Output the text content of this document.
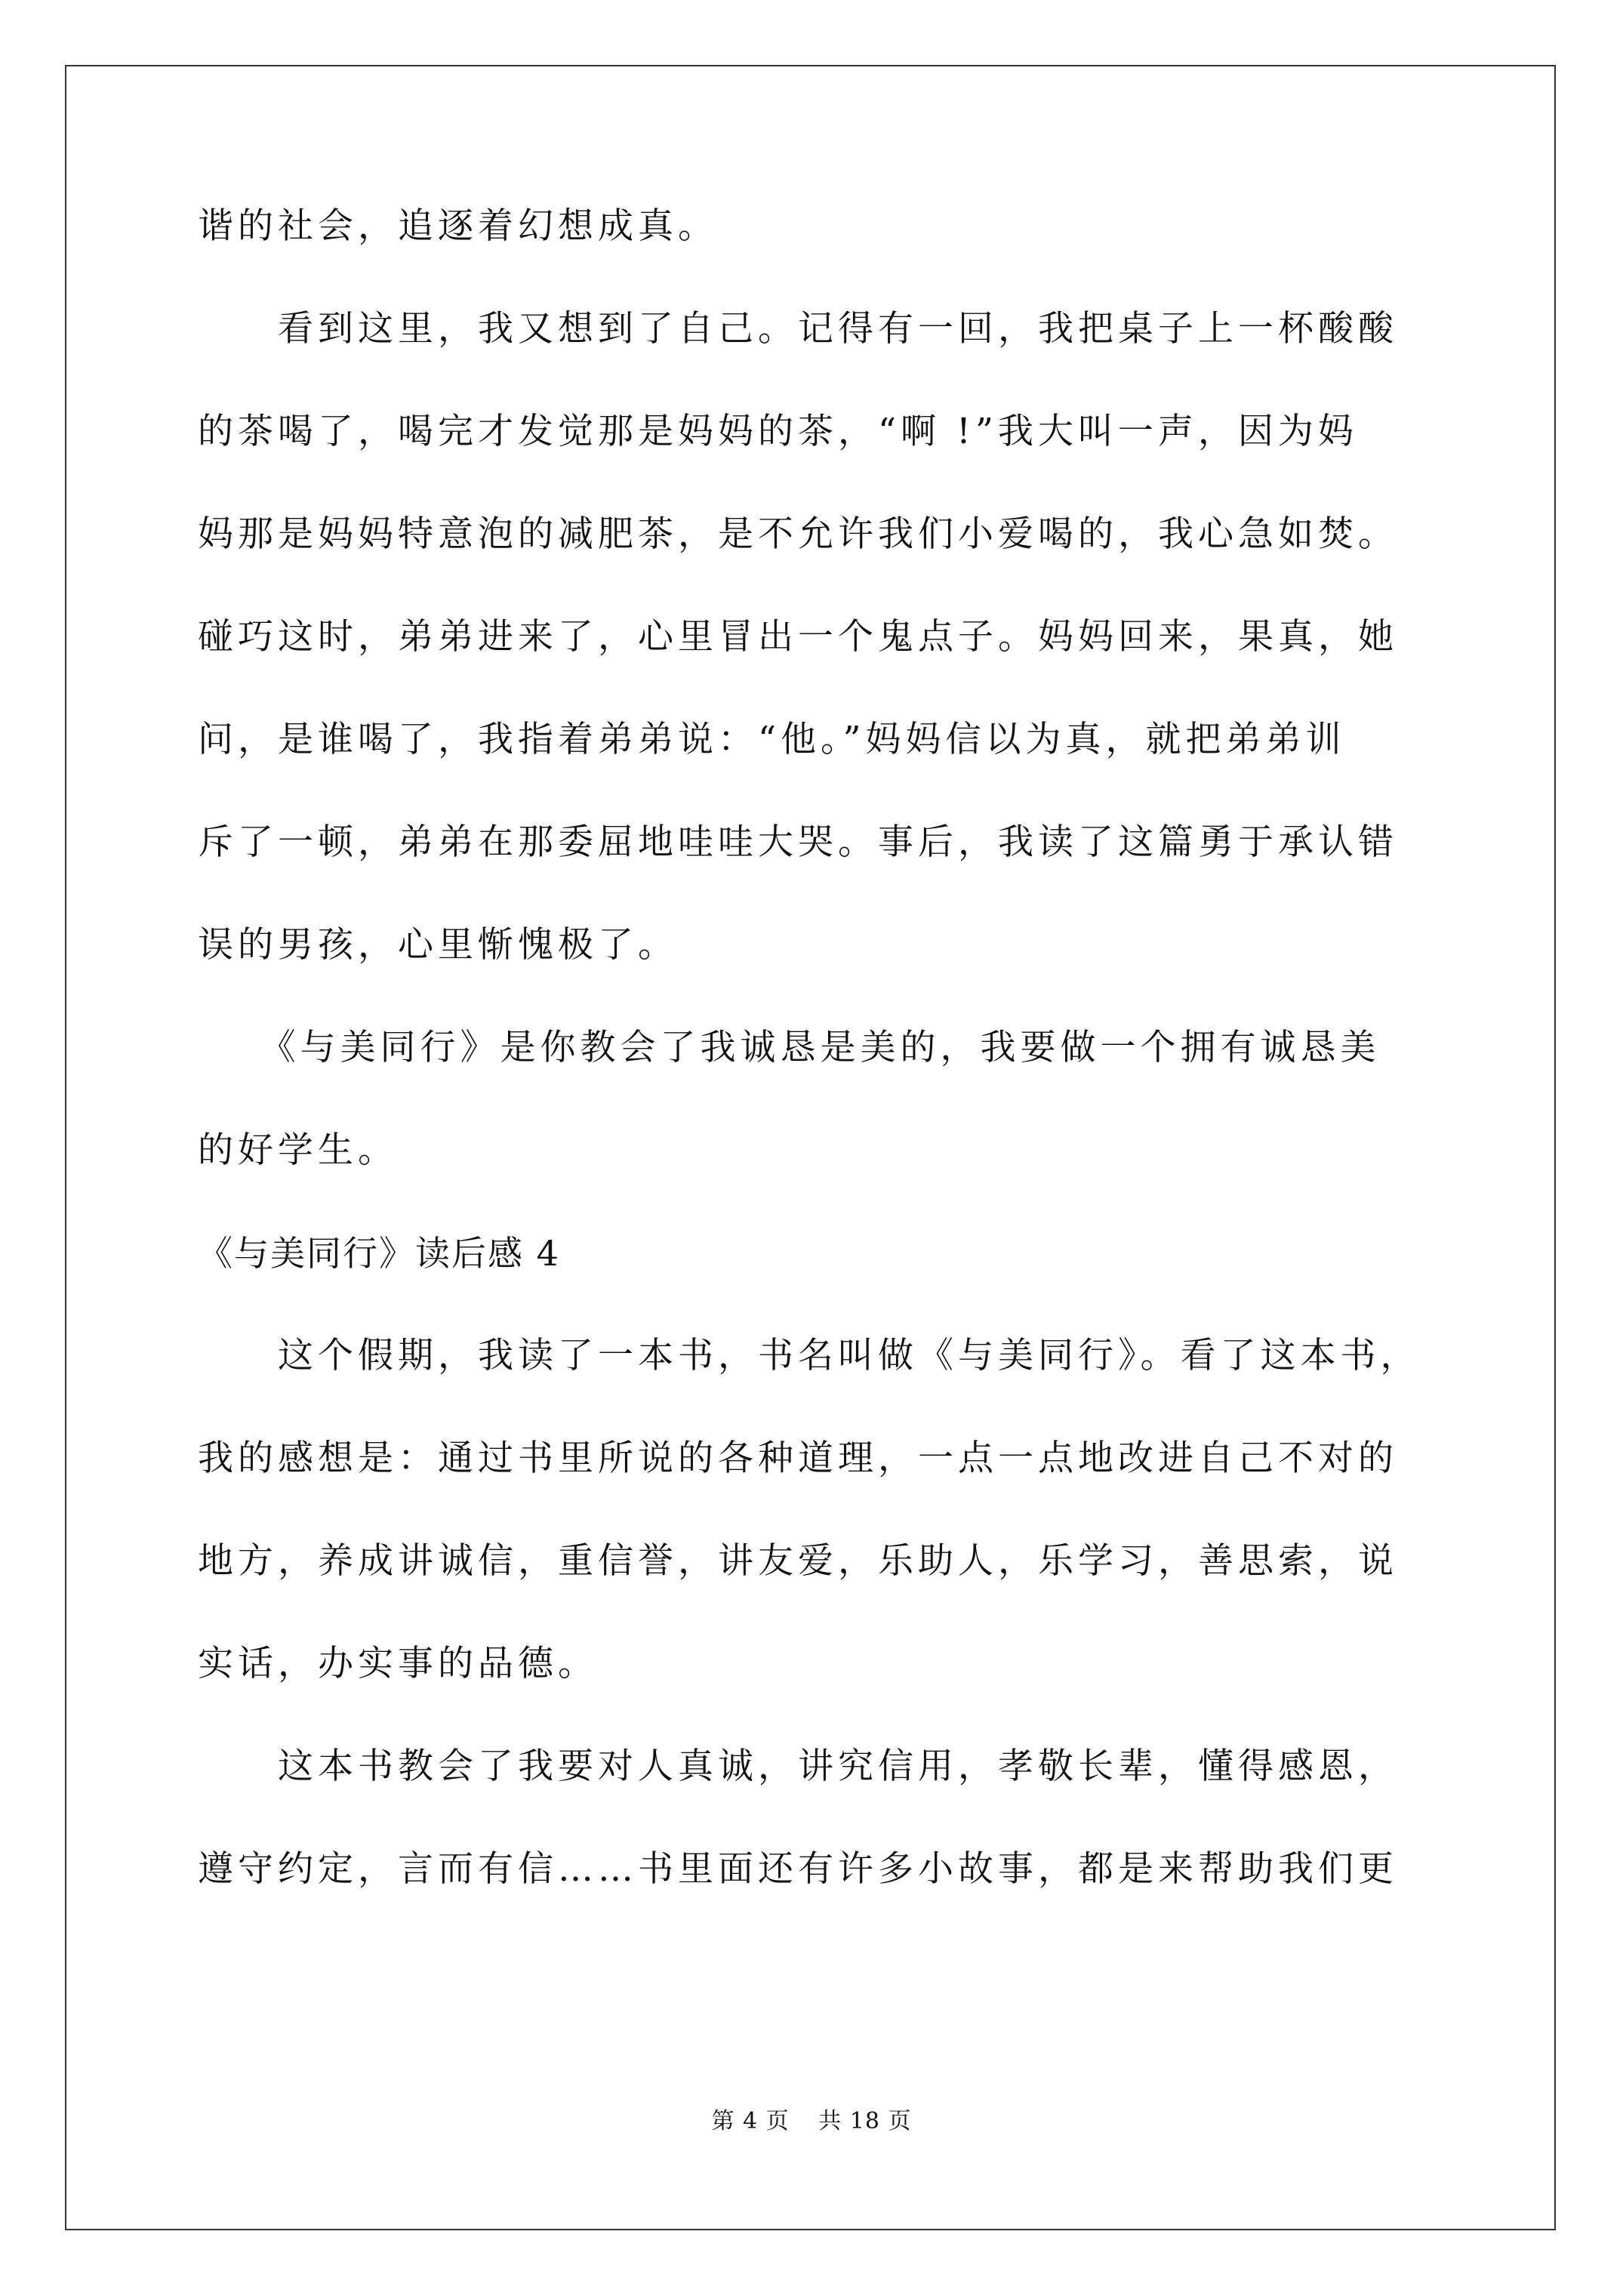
谐的社会，追逐着幻想成真。
　　看到这里，我又想到了自己。记得有一回，我把桌子上一杯酸酸
的茶喝了，喝完才发觉那是妈妈的茶，“啊 !”我大叫一声，因为妈
妈那是妈妈特意泡的减肥茶，是不允许我们小爱喝的，我心急如焚。
碰巧这时，弟弟进来了，心里冒出一个鬼点子。妈妈回来，果真，她
问，是谁喝了，我指着弟弟说：“他。”妈妈信以为真，就把弟弟训
斥了一顿，弟弟在那委屈地哇哇大哭。事后，我读了这篇勇于承认错
误的男孩，心里惭愧极了。
　　《与美同行》是你教会了我诚恳是美的，我要做一个拥有诚恳美
的好学生。
《与美同行》读后感 4
　　这个假期，我读了一本书，书名叫做《与美同行》。看了这本书，
我的感想是：通过书里所说的各种道理，一点一点地改进自己不对的
地方，养成讲诚信，重信誉，讲友爱，乐助人，乐学习，善思索，说
实话，办实事的品德。
　　这本书教会了我要对人真诚，讲究信用，孝敬长辈，懂得感恩，
遵守约定，言而有信……书里面还有许多小故事，都是来帮助我们更
第 4 页 共 18 页
